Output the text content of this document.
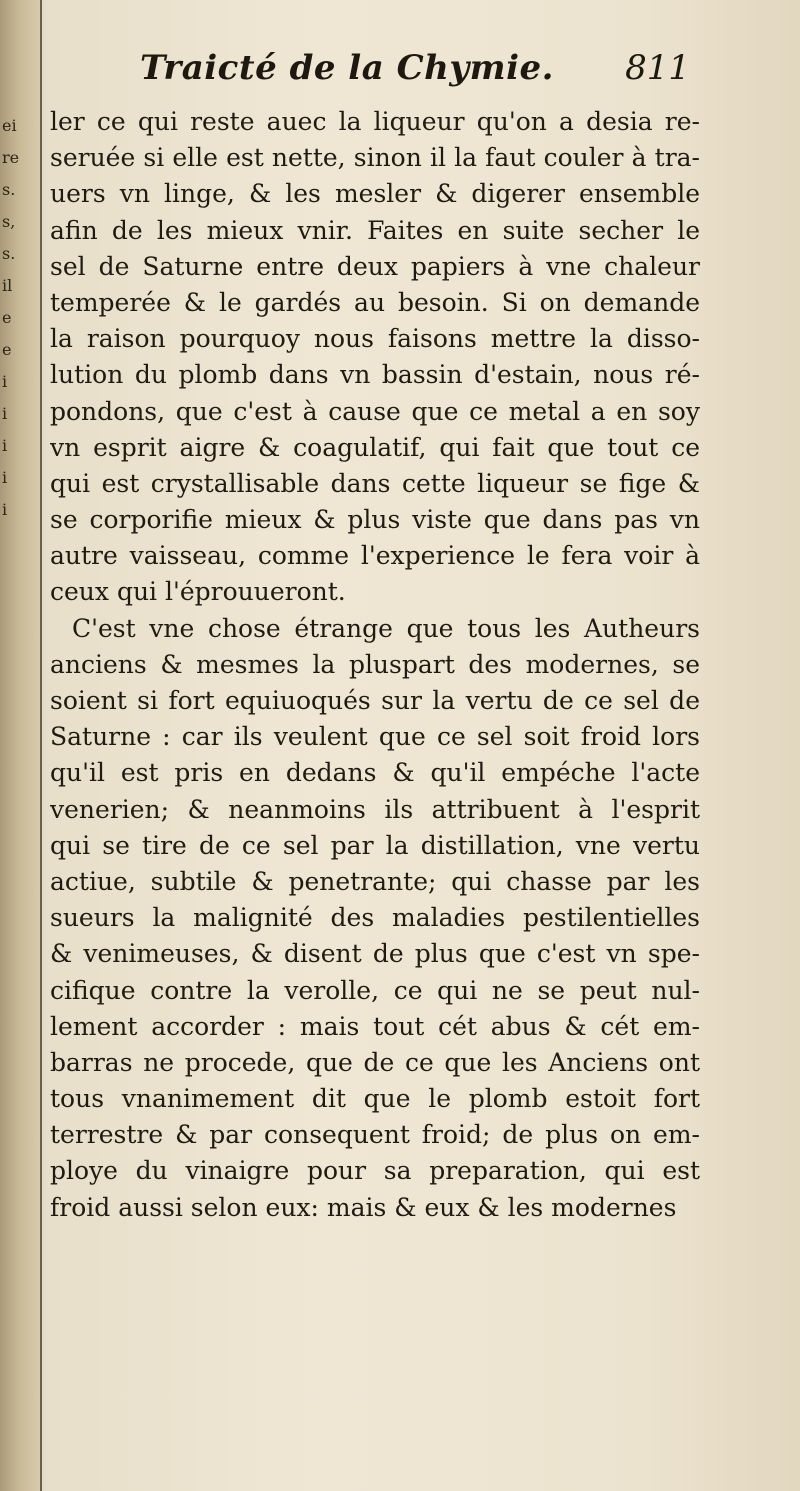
ei
re
s.
s,
s.
il
e
e
i
i
i
i
i
Traicté de la Chymie. 811
ler ce qui reste auec la liqueur qu'on a desia re-
seruée si elle est nette, sinon il la faut couler à tra-
uers vn linge, & les mesler & digerer ensemble
afin de les mieux vnir. Faites en suite secher le
sel de Saturne entre deux papiers à vne chaleur
temperée & le gardés au besoin. Si on demande
la raison pourquoy nous faisons mettre la disso-
lution du plomb dans vn bassin d'estain, nous ré-
pondons, que c'est à cause que ce metal a en soy
vn esprit aigre & coagulatif, qui fait que tout ce
qui est crystallisable dans cette liqueur se fige &
se corporifie mieux & plus viste que dans pas vn
autre vaisseau, comme l'experience le fera voir à
ceux qui l'éprouueront.
C'est vne chose étrange que tous les Autheurs
anciens & mesmes la pluspart des modernes, se
soient si fort equiuoqués sur la vertu de ce sel de
Saturne : car ils veulent que ce sel soit froid lors
qu'il est pris en dedans & qu'il empéche l'acte
venerien; & neanmoins ils attribuent à l'esprit
qui se tire de ce sel par la distillation, vne vertu
actiue, subtile & penetrante; qui chasse par les
sueurs la malignité des maladies pestilentielles
& venimeuses, & disent de plus que c'est vn spe-
cifique contre la verolle, ce qui ne se peut nul-
lement accorder : mais tout cét abus & cét em-
barras ne procede, que de ce que les Anciens ont
tous vnanimement dit que le plomb estoit fort
terrestre & par consequent froid; de plus on em-
ploye du vinaigre pour sa preparation, qui est
froid aussi selon eux: mais & eux & les modernes
